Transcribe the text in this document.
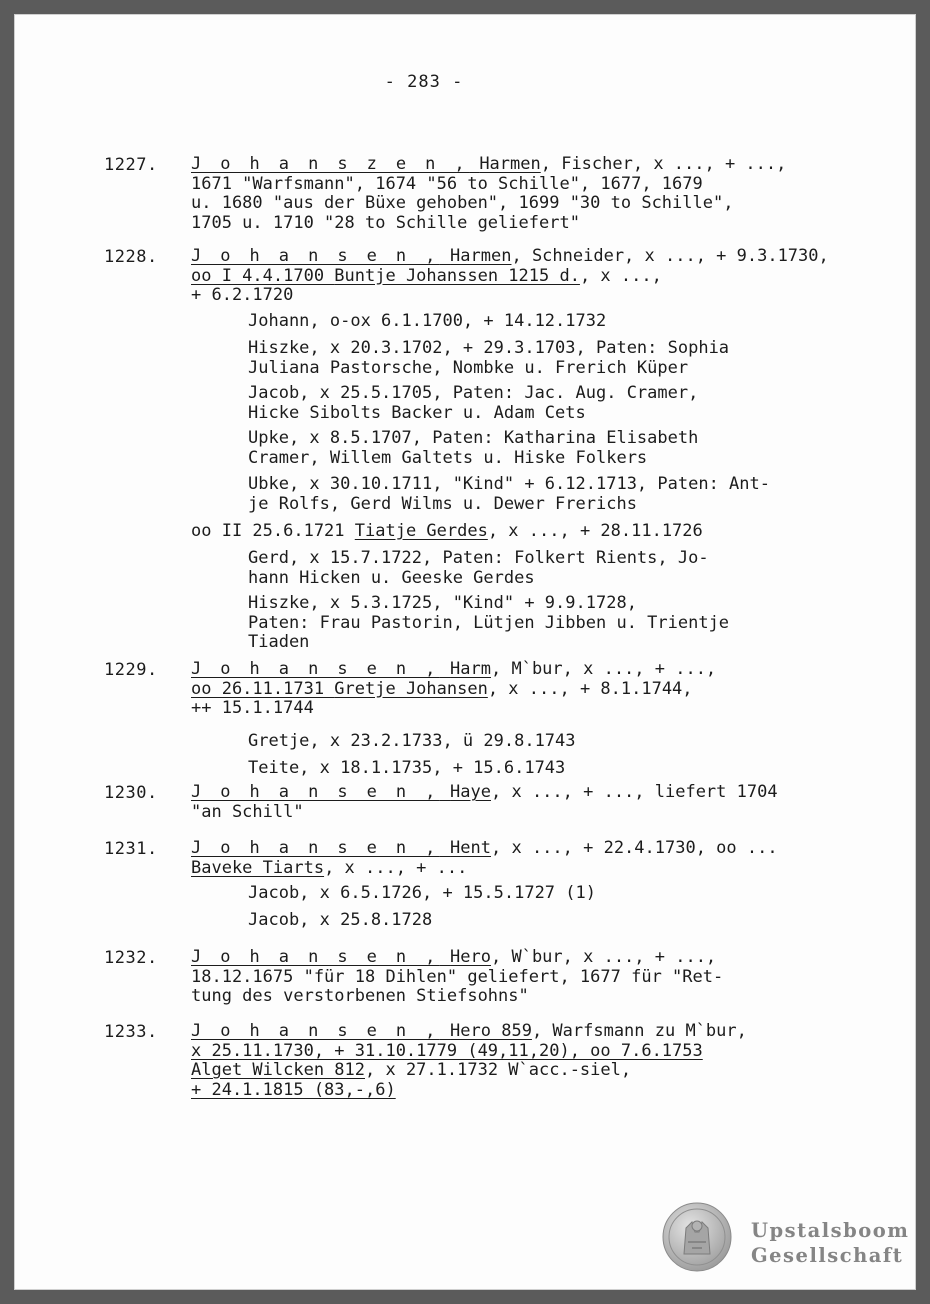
- 283 -
1227. J o h a n s z e n , Harmen, Fischer, x ..., + ...,
1671 "Warfsmann", 1674 "56 to Schille", 1677, 1679
u. 1680 "aus der Büxe gehoben", 1699 "30 to Schille",
1705 u. 1710 "28 to Schille geliefert"
1228. J o h a n s e n , Harmen, Schneider, x ..., + 9.3.1730,
oo I 4.4.1700 Buntje Johanssen 1215 d., x ...,
+ 6.2.1720
Johann, o-ox 6.1.1700, + 14.12.1732
Hiszke, x 20.3.1702, + 29.3.1703, Paten: Sophia
Juliana Pastorsche, Nombke u. Frerich Küper
Jacob, x 25.5.1705, Paten: Jac. Aug. Cramer,
Hicke Sibolts Backer u. Adam Cets
Upke, x 8.5.1707, Paten: Katharina Elisabeth
Cramer, Willem Galtets u. Hiske Folkers
Ubke, x 30.10.1711, "Kind" + 6.12.1713, Paten: Ant-
je Rolfs, Gerd Wilms u. Dewer Frerichs
oo II 25.6.1721 Tiatje Gerdes, x ..., + 28.11.1726
Gerd, x 15.7.1722, Paten: Folkert Rients, Jo-
hann Hicken u. Geeske Gerdes
Hiszke, x 5.3.1725, "Kind" + 9.9.1728,
Paten: Frau Pastorin, Lütjen Jibben u. Trientje
Tiaden
1229. J o h a n s e n , Harm, M`bur, x ..., + ...,
oo 26.11.1731 Gretje Johansen, x ..., + 8.1.1744,
++ 15.1.1744
Gretje, x 23.2.1733, ü 29.8.1743
Teite, x 18.1.1735, + 15.6.1743
1230. J o h a n s e n , Haye, x ..., + ..., liefert 1704
"an Schill"
1231. J o h a n s e n , Hent, x ..., + 22.4.1730, oo ...
Baveke Tiarts, x ..., + ...
Jacob, x 6.5.1726, + 15.5.1727 (1)
Jacob, x 25.8.1728
1232. J o h a n s e n , Hero, W`bur, x ..., + ...,
18.12.1675 "für 18 Dihlen" geliefert, 1677 für "Ret-
tung des verstorbenen Stiefsohns"
1233. J o h a n s e n , Hero 859, Warfsmann zu M`bur,
x 25.11.1730, + 31.10.1779 (49,11,20), oo 7.6.1753
Alget Wilcken 812, x 27.1.1732 W`acc.-siel,
+ 24.1.1815 (83,-,6)
Upstalsboom
Gesellschaft
